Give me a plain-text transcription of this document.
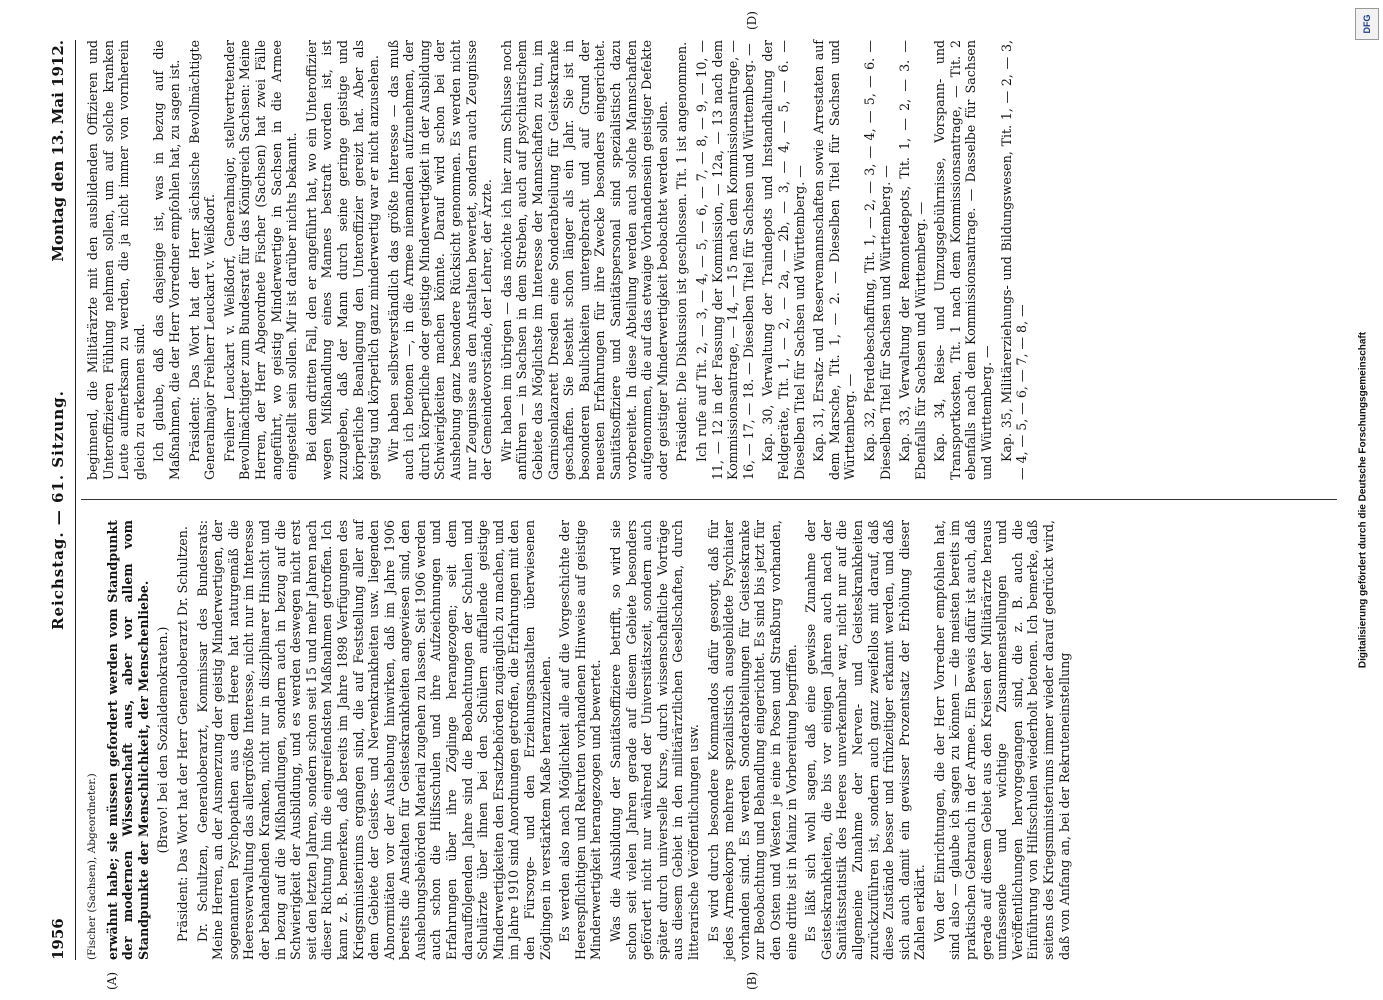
1956
Reichstag. — 61. Sitzung.
Montag den 13. Mai 1912.

(Fischer (Sachsen), Abgeordneter.) erwähnt habe; sie müssen gefordert werden vom Standpunkt der modernen Wissenschaft aus, aber vor allem vom Standpunkte der Menschlichkeit, der Menschenliebe. (Bravo! bei den Sozialdemokraten.) Präsident: Das Wort hat der Herr Generaloberarzt Dr. Schultzen. Dr. Schultzen, Generaloberarzt, Kommissar des Bundesrats: Meine Herren, an der Ausmerzung der geistig Minderwertigen, der sogenannten Psychopathen aus dem Heere hat naturgemäß die Heeresverwaltung das allergrößte Interesse, nicht nur im Interesse der behandelnden Kranken, nicht nur in disziplinarer Hinsicht und in bezug auf die Mißhandlungen, sondern auch in bezug auf die Schwierigkeit der Ausbildung, und es werden deswegen nicht erst seit den letzten Jahren, sondern schon seit 15 und mehr Jahren nach dieser Richtung hin die eingreifendsten Maßnahmen getroffen. Ich kann z. B. bemerken, daß bereits im Jahre 1898 Verfügungen des Kriegsministeriums ergangen sind, die auf Feststellung aller auf dem Gebiete der Geistes- und Nervenkrankheiten usw. liegenden Abnormitäten vor der Aushebung hinwirken, daß im Jahre 1906 bereits die Anstalten für Geisteskrankheiten angewiesen sind, den Aushebungsbehörden Material zugehen zu lassen. Seit 1906 werden auch schon die Hilfsschulen und ihre Aufzeichnungen und Erfahrungen über ihre Zöglinge herangezogen; seit dem darauffolgenden Jahre sind die Beobachtungen der Schulen und Schulärzte über ihnen bei den Schülern auffallende geistige Minderwertigkeiten den Ersatzbehörden zugänglich zu machen, und im Jahre 1910 sind Anordnungen getroffen, die Erfahrungen mit den den Fürsorge- und den Erziehungsanstalten überwiesenen Zöglingen in verstärktem Maße heranzuziehen. Es werden also nach Möglichkeit alle auf die Vorgeschichte der Heerespflichtigen und Rekruten vorhandenen Hinweise auf geistige Minderwertigkeit herangezogen und bewertet. Was die Ausbildung der Sanitätsoffiziere betrifft, so wird sie schon seit vielen Jahren gerade auf diesem Gebiete besonders gefördert nicht nur während der Universitätszeit, sondern auch später durch universelle Kurse, durch wissenschaftliche Vorträge aus diesem Gebiet in den militärärztlichen Gesellschaften, durch litterarische Veröffentlichungen usw. Es wird durch besondere Kommandos dafür gesorgt, daß für jedes Armeekorps mehrere spezialistisch ausgebildete Psychiater vorhanden sind. Es werden Sonderabteilungen für Geisteskranke zur Beobachtung und Behandlung eingerichtet. Es sind bis jetzt für den Osten und Westen je eine in Posen und Straßburg vorhanden, eine dritte ist in Mainz in Vorbereitung begriffen. Es läßt sich wohl sagen, daß eine gewisse Zunahme der Geisteskrankheiten, die bis vor einigen Jahren auch nach der Sanitätsstatistik des Heeres unverkennbar war, nicht nur auf die allgemeine Zunahme der Nerven- und Geisteskrankheiten zurückzuführen ist, sondern auch ganz zweifellos mit darauf, daß diese Zustände besser und frühzeitiger erkannt werden, und daß sich auch damit ein gewisser Prozentsatz der Erhöhung dieser Zahlen erklärt. Von der Einrichtungen, die der Herr Vorredner empfohlen hat, sind also — glaube ich sagen zu können — die meisten bereits im praktischen Gebrauch in der Armee. Ein Beweis dafür ist auch, daß gerade auf diesem Gebiet aus den Kreisen der Militärärzte heraus umfassende und wichtige Zusammenstellungen und Veröffentlichungen hervorgegangen sind, die z. B. auch die Einführung von Hilfsschulen wiederholt betonen. Ich bemerke, daß seitens des Kriegsministeriums immer wieder darauf gedrückt wird, daß von Anfang an, bei der Rekruteneinstellung

beginnend, die Militärärzte mit den ausbildenden Offizieren und Unteroffizieren Fühlung nehmen sollen, um auf solche kranken Leute aufmerksam zu werden, die ja nicht immer von vornherein gleich zu erkennen sind. Ich glaube, daß das dasjenige ist, was in bezug auf die Maßnahmen, die der Herr Vorredner empfohlen hat, zu sagen ist. Präsident: Das Wort hat der Herr sächsische Bevollmächtigte Generalmajor Freiherr Leuckart v. Weißdorf. Freiherr Leuckart v. Weißdorf, Generalmajor, stellvertretender Bevollmächtigter zum Bundesrat für das Königreich Sachsen: Meine Herren, der Herr Abgeordnete Fischer (Sachsen) hat zwei Fälle angeführt, wo geistig Minderwertige in Sachsen in die Armee eingestellt sein sollen. Mir ist darüber nichts bekannt. Bei dem dritten Fall, den er angeführt hat, wo ein Unteroffizier wegen Mißhandlung eines Mannes bestraft worden ist, ist zuzugeben, daß der Mann durch seine geringe geistige und körperliche Beanlagung den Unteroffizier gereizt hat. Aber als geistig und körperlich ganz minderwertig war er nicht anzusehen. Wir haben selbstverständlich das größte Interesse — das muß auch ich betonen —, in die Armee niemanden aufzunehmen, der durch körperliche oder geistige Minderwertigkeit in der Ausbildung Schwierigkeiten machen könnte. Darauf wird schon bei der Aushebung ganz besondere Rücksicht genommen. Es werden nicht nur Zeugnisse aus den Anstalten bewertet, sondern auch Zeugnisse der Gemeindevorstände, der Lehrer, der Ärzte. Wir haben im übrigen — das möchte ich hier zum Schlusse noch anführen — in Sachsen in dem Streben, auch auf psychiatrischem Gebiete das Möglichste im Interesse der Mannschaften zu tun, im Garnisonlazarett Dresden eine Sonderabteilung für Geisteskranke geschaffen. Sie besteht schon länger als ein Jahr. Sie ist in besonderen Baulichkeiten untergebracht und auf Grund der neuesten Erfahrungen für ihre Zwecke besonders eingerichtet. Sanitätsoffiziere und Sanitätspersonal sind spezialistisch dazu vorbereitet. In diese Abteilung werden auch solche Mannschaften aufgenommen, die auf das etwaige Vorhandensein geistiger Defekte oder geistiger Minderwertigkeit beobachtet werden sollen. Präsident: Die Diskussion ist geschlossen. Tit. 1 ist angenommen. Ich rufe auf Tit. 2, — 3, — 4, — 5, — 6, — 7, — 8, — 9, — 10, — 11, — 12 in der Fassung der Kommission, — 12a, — 13 nach dem Kommissionsantrage, — 14, — 15 nach dem Kommissionsantrage, — 16, — 17, — 18. — Dieselben Titel für Sachsen und Württemberg. — Kap. 30, Verwaltung der Traindepots und Instandhaltung der Feldgeräte, Tit. 1, — 2, — 2a, — 2b, — 3, — 4, — 5, — 6. — Dieselben Titel für Sachsen und Württemberg. — Kap. 31, Ersatz- und Reservemannschaften sowie Arrestaten auf dem Marsche, Tit. 1, — 2. — Dieselben Titel für Sachsen und Württemberg. — Kap. 32, Pferdebeschaffung, Tit. 1, — 2, — 3, — 4, — 5, — 6. — Dieselben Titel für Sachsen und Württemberg. — Kap. 33, Verwaltung der Remontedepots, Tit. 1, — 2, — 3. — Ebenfalls für Sachsen und Württemberg. — Kap. 34, Reise- und Umzugsgebührnisse, Vorspann- und Transportkosten, Tit. 1 nach dem Kommissionsantrage, — Tit. 2 ebenfalls nach dem Kommissionsantrage. — Dasselbe für Sachsen und Württemberg. — Kap. 35, Militärerziehungs- und Bildungswesen, Tit. 1, — 2, — 3, — 4, — 5, — 6, — 7, — 8, —

(A)	(B)
(D)	DFG
Digitalisierung gefördert durch die Deutsche Forschungsgemeinschaft
